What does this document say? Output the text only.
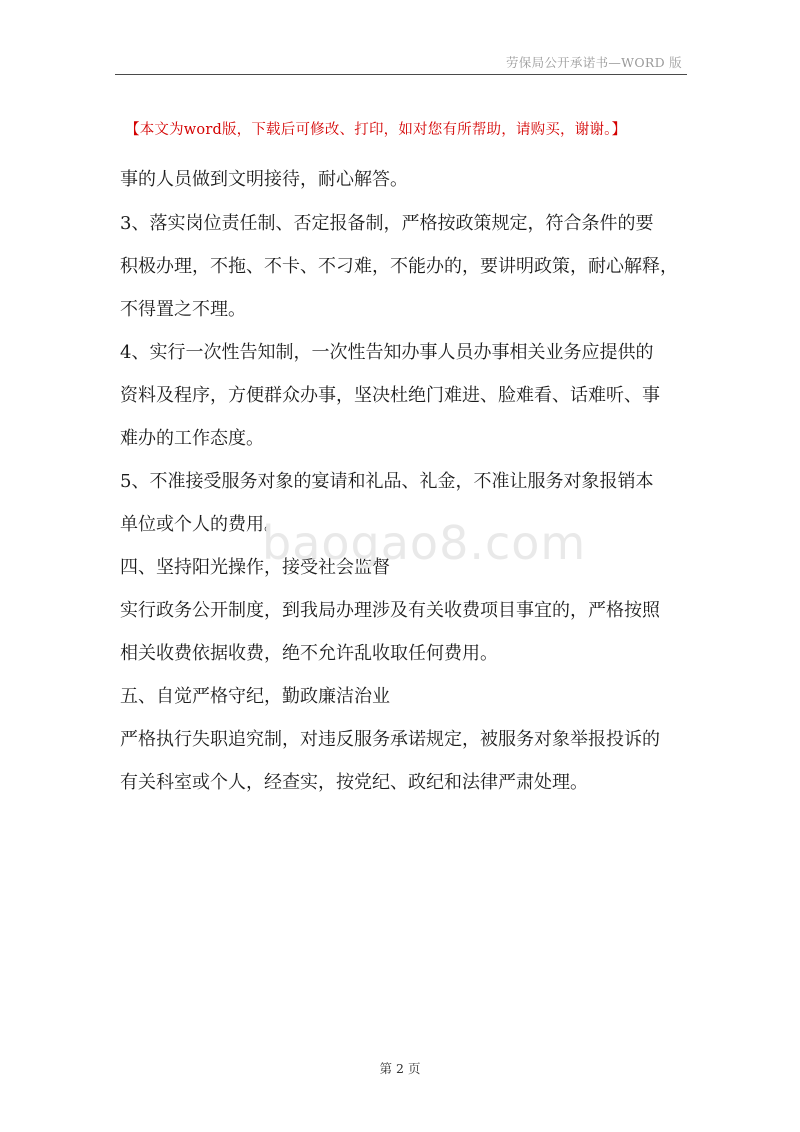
劳保局公开承诺书—WORD 版
【本文为word版，下载后可修改、打印，如对您有所帮助，请购买，谢谢。】
事的人员做到文明接待，耐心解答。
3、落实岗位责任制、否定报备制，严格按政策规定，符合条件的要
积极办理，不拖、不卡、不刁难，不能办的，要讲明政策，耐心解释，
不得置之不理。
4、实行一次性告知制，一次性告知办事人员办事相关业务应提供的
资料及程序，方便群众办事，坚决杜绝门难进、脸难看、话难听、事
难办的工作态度。
5、不准接受服务对象的宴请和礼品、礼金，不准让服务对象报销本
单位或个人的费用。
四、坚持阳光操作，接受社会监督
实行政务公开制度，到我局办理涉及有关收费项目事宜的，严格按照
相关收费依据收费，绝不允许乱收取任何费用。
五、自觉严格守纪，勤政廉洁治业
严格执行失职追究制，对违反服务承诺规定，被服务对象举报投诉的
有关科室或个人，经查实，按党纪、政纪和法律严肃处理。
baogao8.com
第 2 页
